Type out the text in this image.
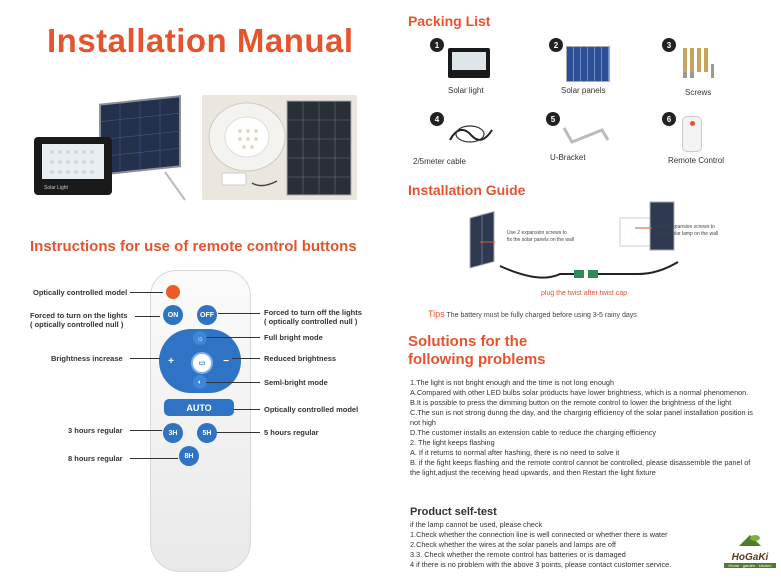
Installation Manual
Solar Light
Instructions for use of remote control buttons
ON	OFF
☼
+	▭	−
◐
AUTO
3H	5H
8H
Optically controlled model
Forced to turn on the lights
( optically controlled null )
Brightness increase
3 hours regular
8 hours regular
Forced to turn off the lights
( optically controlled null )
Full bright mode
Reduced brightness
Seml-bright mode
Optically controlled model
5 hours regular
Packing List
1
Solar light
2
Solar panels
3
Screws
4
2/5meter cable
5
U-Bracket
6
Remote Control
Installation Guide
Use 2 expansion screws to
fix the solar panels on the wall
Use 2 expansion screws to
fix the solar lamp on the wall
plug the twist after twist cap
Tips The battery must be fully charged before using 3-5 rainy days
Solutions for the
following problems
1.The light is not bright enough and the time is not long enough
A.Compared with other LED bulbs solar products have lower brightness, which is a normal phenomenon.
B.It is possible to press the dimming button on the remote control to lower the brightness of the light
C.The sun is not strong dunng the day, and the charging efficiency of the solar panel installation position is not high
D.The customer installs an extension cable to reduce the charging efficiency
2. The light keeps flashing
A. If it returns to normal after hashing, there is no need to solve it
B. if the fight keeps flashing and the remote control cannot be controlled, please disassemble the panel of the light,adjust the receiving head upwards, and then Restart the light fixture
Product self-test
if the lamp cannot be used, please check
1.Check whether the connection line is well connected or whether there is water
2.Check whether the wires at the solar panels and lamps are off
3.3. Check whether the remote control has batteries or is damaged
4 if there is no problem with the above 3 points, please contact customer service.
HoGaKi
Home · garden · kitchen
